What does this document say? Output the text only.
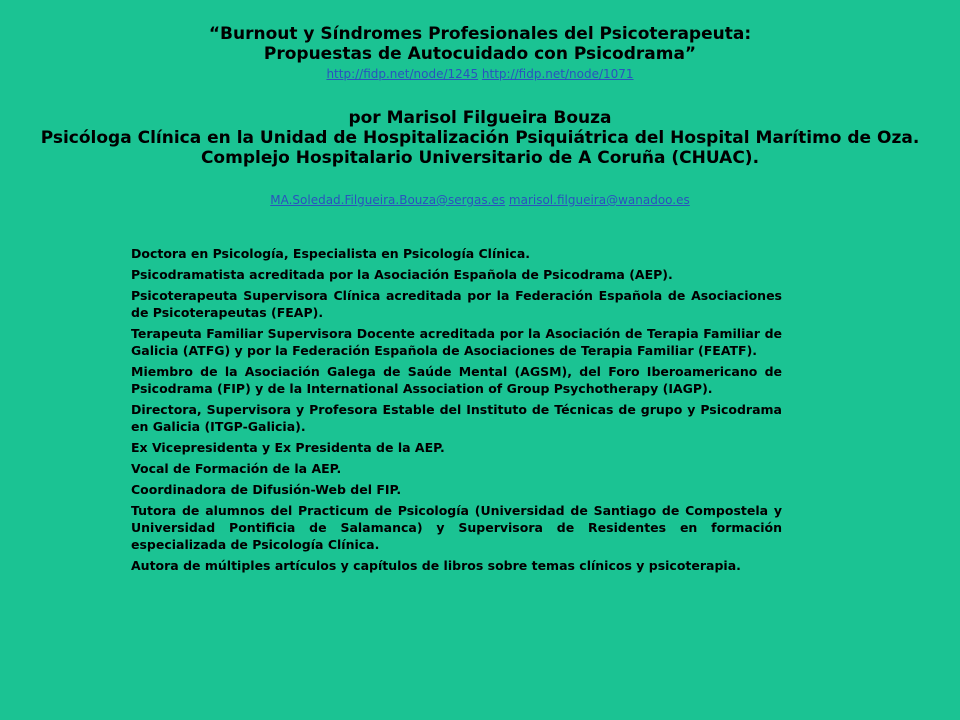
“Burnout y Síndromes Profesionales del Psicoterapeuta:
Propuestas de Autocuidado con Psicodrama”

http://fidp.net/node/1245 http://fidp.net/node/1071

por Marisol Filgueira Bouza

Psicóloga Clínica en la Unidad de Hospitalización Psiquiátrica del Hospital Marítimo de Oza. Complejo Hospitalario Universitario de A Coruña (CHUAC).

MA.Soledad.Filgueira.Bouza@sergas.es marisol.filgueira@wanadoo.es

Doctora en Psicología, Especialista en Psicología Clínica.
Psicodramatista acreditada por la Asociación Española de Psicodrama (AEP).
Psicoterapeuta Supervisora Clínica acreditada por la Federación Española de Asociaciones de Psicoterapeutas (FEAP).
Terapeuta Familiar Supervisora Docente acreditada por la Asociación de Terapia Familiar de Galicia (ATFG) y por la Federación Española de Asociaciones de Terapia Familiar (FEATF).
Miembro de la Asociación Galega de Saúde Mental (AGSM), del Foro Iberoamericano de Psicodrama (FIP) y de la International Association of Group Psychotherapy (IAGP).
Directora, Supervisora y Profesora Estable del Instituto de Técnicas de grupo y Psicodrama en Galicia (ITGP-Galicia).
Ex Vicepresidenta y Ex Presidenta de la AEP.
Vocal de Formación de la AEP.
Coordinadora de Difusión-Web del FIP.
Tutora de alumnos del Practicum de Psicología (Universidad de Santiago de Compostela y Universidad Pontificia de Salamanca) y Supervisora de Residentes en formación especializada de Psicología Clínica.
Autora de múltiples artículos y capítulos de libros sobre temas clínicos y psicoterapia.
